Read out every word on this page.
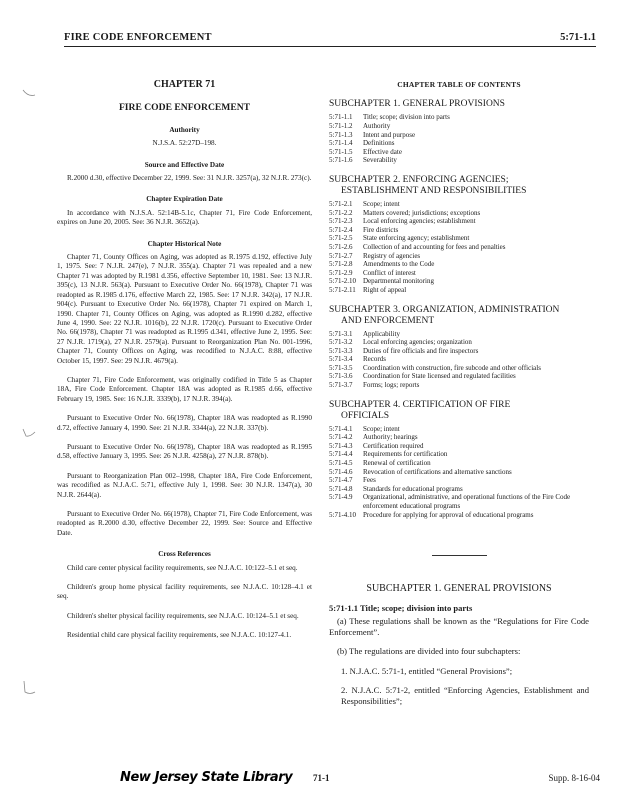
FIRE CODE ENFORCEMENT	5:71-1.1
CHAPTER 71
FIRE CODE ENFORCEMENT
Authority
N.J.S.A. 52:27D–198.
Source and Effective Date

R.2000 d.30, effective December 22, 1999. See: 31 N.J.R. 3257(a), 32 N.J.R. 273(c).

Chapter Expiration Date

In accordance with N.J.S.A. 52:14B-5.1c, Chapter 71, Fire Code Enforcement, expires on June 20, 2005. See: 36 N.J.R. 3652(a).

Chapter Historical Note

Chapter 71, County Offices on Aging, was adopted as R.1975 d.192, effective July 1, 1975. See: 7 N.J.R. 247(e), 7 N.J.R. 355(a). Chapter 71 was repealed and a new Chapter 71 was adopted by R.1981 d.356, effective September 10, 1981. See: 13 N.J.R. 395(c), 13 N.J.R. 563(a). Pursuant to Executive Order No. 66(1978), Chapter 71 was readopted as R.1985 d.176, effective March 22, 1985. See: 17 N.J.R. 342(a), 17 N.J.R. 904(c). Pursuant to Executive Order No. 66(1978), Chapter 71 expired on March 1, 1990. Chapter 71, County Offices on Aging, was adopted as R.1990 d.282, effective June 4, 1990. See: 22 N.J.R. 1016(b), 22 N.J.R. 1720(c). Pursuant to Executive Order No. 66(1978), Chapter 71 was readopted as R.1995 d.341, effective June 2, 1995. See: 27 N.J.R. 1719(a), 27 N.J.R. 2579(a). Pursuant to Reorganization Plan No. 001-1996, Chapter 71, County Offices on Aging, was recodified to N.J.A.C. 8:88, effective October 15, 1997. See: 29 N.J.R. 4679(a).

Chapter 71, Fire Code Enforcement, was originally codified in Title 5 as Chapter 18A, Fire Code Enforcement. Chapter 18A was adopted as R.1985 d.66, effective February 19, 1985. See: 16 N.J.R. 3339(b), 17 N.J.R. 394(a).

Pursuant to Executive Order No. 66(1978), Chapter 18A was readopted as R.1990 d.72, effective January 4, 1990. See: 21 N.J.R. 3344(a), 22 N.J.R. 337(b).

Pursuant to Executive Order No. 66(1978), Chapter 18A was readopted as R.1995 d.58, effective January 3, 1995. See: 26 N.J.R. 4258(a), 27 N.J.R. 878(b).

Pursuant to Reorganization Plan 002–1998, Chapter 18A, Fire Code Enforcement, was recodified as N.J.A.C. 5:71, effective July 1, 1998. See: 30 N.J.R. 1347(a), 30 N.J.R. 2644(a).

Pursuant to Executive Order No. 66(1978), Chapter 71, Fire Code Enforcement, was readopted as R.2000 d.30, effective December 22, 1999. See: Source and Effective Date.

Cross References

Child care center physical facility requirements, see N.J.A.C. 10:122–5.1 et seq.

Children's group home physical facility requirements, see N.J.A.C. 10:128–4.1 et seq.

Children's shelter physical facility requirements, see N.J.A.C. 10:124–5.1 et seq.

Residential child care physical facility requirements, see N.J.A.C. 10:127-4.1.

CHAPTER TABLE OF CONTENTS
SUBCHAPTER 1. GENERAL PROVISIONS
5:71-1.1	Title; scope; division into parts
5:71-1.2	Authority
5:71-1.3	Intent and purpose
5:71-1.4	Definitions
5:71-1.5	Effective date
5:71-1.6	Severability
SUBCHAPTER 2. ENFORCING AGENCIES;
ESTABLISHMENT AND RESPONSIBILITIES
5:71-2.1	Scope; intent
5:71-2.2	Matters covered; jurisdictions; exceptions
5:71-2.3	Local enforcing agencies; establishment
5:71-2.4	Fire districts
5:71-2.5	State enforcing agency; establishment
5:71-2.6	Collection of and accounting for fees and penalties
5:71-2.7	Registry of agencies
5:71-2.8	Amendments to the Code
5:71-2.9	Conflict of interest
5:71-2.10 Departmental monitoring
5:71-2.11	Right of appeal
SUBCHAPTER 3. ORGANIZATION, ADMINISTRATION
AND ENFORCEMENT
5:71-3.1	Applicability
5:71-3.2	Local enforcing agencies; organization
5:71-3.3	Duties of fire officials and fire inspectors
5:71-3.4	Records
5:71-3.5	Coordination with construction, fire subcode and other officials
5:71-3.6	Coordination for State licensed and regulated facilities
5:71-3.7	Forms; logs; reports
SUBCHAPTER 4. CERTIFICATION OF FIRE
OFFICIALS
5:71-4.1	Scope; intent
5:71-4.2	Authority; hearings
5:71-4.3	Certification required
5:71-4.4	Requirements for certification
5:71-4.5	Renewal of certification
5:71-4.6	Revocation of certifications and alternative sanctions
5:71-4.7	Fees
5:71-4.8	Standards for educational programs
5:71-4.9	Organizational, administrative, and operational functions of the Fire Code enforcement educational programs
5:71-4.10 Procedure for applying for approval of educational programs
SUBCHAPTER 1. GENERAL PROVISIONS
5:71-1.1 Title; scope; division into parts

(a) These regulations shall be known as the “Regulations for Fire Code Enforcement”.

(b) The regulations are divided into four subchapters:

1. N.J.A.C. 5:71-1, entitled “General Provisions”;

2. N.J.A.C. 5:71-2, entitled “Enforcing Agencies, Establishment and Responsibilities”;

New Jersey State Library 71-1	Supp. 8-16-04
